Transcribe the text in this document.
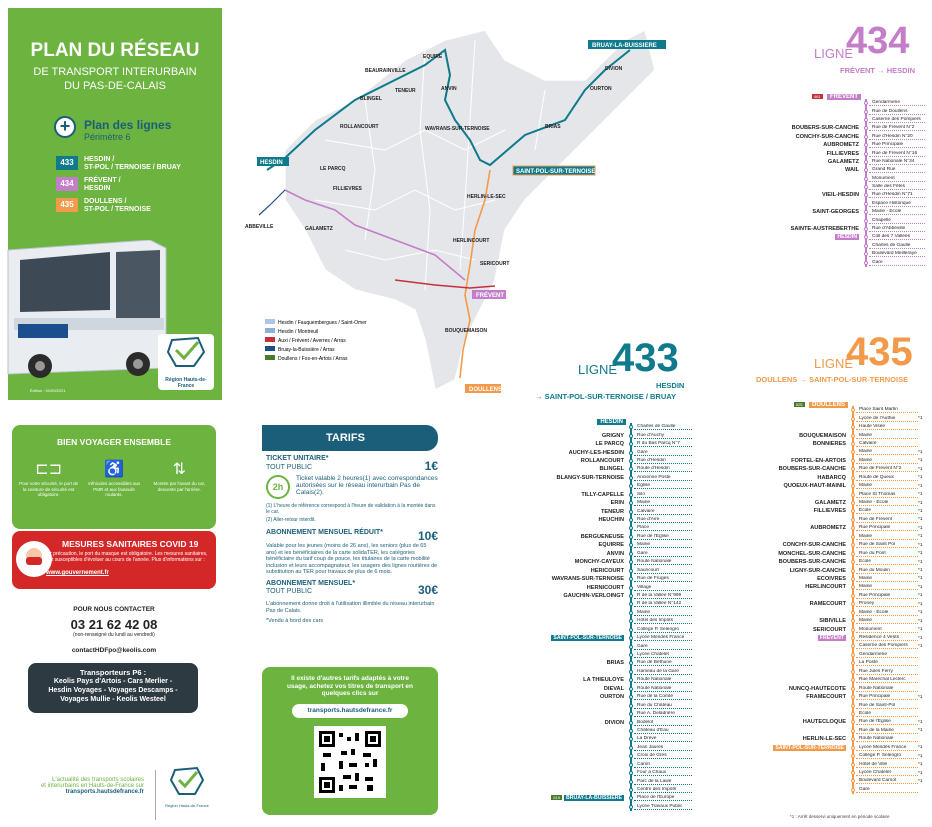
PLAN DU RÉSEAU
DE TRANSPORT INTERURBAIN
DU PAS-DE-CALAIS
+	Plan des lignes
Périmètre 6
433	HESDIN /
ST-POL / TERNOISE / BRUAY
434	FRÉVENT /
HESDIN
435	DOULLENS /
ST-POL / TERNOISE
Région Hauts-de-France
Édition : 01/09/2021
EQUIRE
BEAURAINVILLE
TENEUR
BLINGEL
ROLLANCOURT
LE PARCQ
ANVIN
BRIAS
DIVION
OURTON
HERLINCOURT
WAVRANS-SUR-TERNOISE
SERICOURT
HERLIN-LE-SEC
FILLIEVRES
GALAMETZ
BOUQUEMAISON
ABBEVILLE
BRUAY-LA-BUISSIERE
HESDIN
SAINT-POL-SUR-TERNOISE
FRÉVENT
DOULLENS
Hesdin / Fauquembergues / Saint-Omer
Hesdin / Montreuil
Auxi / Frévent / Averres / Arras
Bruay-la-Buissière / Arras
Doullens / Fos-en-Artois / Arras
LIGNE
434
FRÉVENT → HESDIN
461 FRÉVENT
Gendarmerie
Rue de Doullens
Caserne des Pompiers
BOUBERS-SUR-CANCHE	Rue de Frévent N°2
CONCHY-SUR-CANCHE	Rue d'Hesdin N°20
AUBROMETZ	Rue Principale
FILLIEVRES	Rue de Frévent N°16
GALAMETZ	Rue Nationale N°34
WAIL	Grand Rue
Monument
Salle des Fêtes
VIEIL-HESDIN	Rue d'Hesdin N°71
Espace Historique
SAINT-GEORGES	Mairie - Ecole
Chapelle
SAINTE-AUSTREBERTHE	Rue d'Abbeville
HESDIN	Coll des 7 Vallées
Charles de Gaulle
Boulevard Meilleraye
Gare
LIGNE
433
HESDIN
→ SAINT-POL-SUR-TERNOISE / BRUAY
HESDIN
Charles de Gaulle
GRIGNY	Rue d'Auchy
LE PARCQ	R du Bas Parcq N°7
AUCHY-LES-HESDIN	Gare
ROLLANCOURT	Rue d'Hesdin
BLINGEL	Route d'Hesdin
BLANGY-SUR-TERNOISE	Ancienne Poste
Eglise
TILLY-CAPELLE	Silo
ERIN	Mairie
TENEUR	Calvaire
HEUCHIN	Rue d'Aire
Place
BERGUENEUSE	Rue de l'Eglise
EQUIRRE	Mairie
ANVIN	Gare
MONCHY-CAYEUX	Route Nationale
HERICOURT	Sauricourt
WAVRANS-SUR-TERNOISE	Rue de Fruges
HERNICOURT	Village
GAUCHIN-VERLOINGT	R de la Vallée N°999
R de la Vallée N°142
Mairie
Hôtel des Impôts
Collège P. Selengro
SAINT-POL-SUR-TERNOISE	Lycée Mendès France
Gare
Lycée Chatelet
BRIAS	Rue de Béthune
Hameau de la Gare
LA THIEULOYE	Route Nationale
DIEVAL	Route Nationale
OURTON	Rue de la Comté
Rue du Château
Rue A. Deladrière
DIVION	Bodelot
Château d'Eau
La Drève
Jean Jaurès
Croix de Grès
Caron
Four à Chaux
Parc de la Lawe
Centre des Impôts
519 BRUAY-LA-BUISSIERE	Place de l'Europe
Lycée Travaux Public
LIGNE
435
DOULLENS → SAINT-POL-SUR-TERNOISE
525 DOULLENS
Place Saint Martin
Lycée de l'Authie	*1
Haute Visée
BOUQUEMAISON	Mairie
BONNIERES	Calvaire
Mairie	*1
FORTEL-EN-ARTOIS	Mairie	*1
BOUBERS-SUR-CANCHE	Rue de Frévent N°2	*1
HABARCQ	Route de Queux	*1
QUOEUX-HAUT-MAINIL	Mairie	*1
Place St Thomas	*1
GALAMETZ	Mairie - Ecole	*1
FILLIEVRES	Ecole	*1
Rue de Frévent	*1
AUBROMETZ	Rue Principale	*1
Mairie	*1
CONCHY-SUR-CANCHE	Rue de Saint Pol	*1
MONCHEL-SUR-CANCHE	Rue du Pont	*1
BOUBERS-SUR-CANCHE	Ecole	*1
LIGNY-SUR-CANCHE	Rue du Moulin	*1
ECOIVRES	Mairie	*1
HERLINCOURT	Mairie	*1
Rue Principale	*1
RAMECOURT	Proney	*1
Mairie - Ecole	*1
SIBIVILLE	Mairie	*1
SERICOURT	Monument	*1
FRÉVENT	Résidence 4 Vents	*1
Caserne des Pompiers	*1
Gendarmerie
La Poste
Rue Jules Ferry
Rue Maréchal Leclerc
NUNCQ-HAUTECOTE	Route Nationale
FRAMECOURT	Rue Principale	*1
Rue de Saint-Pol
Ecole
HAUTECLOQUE	Rue de l'Eglise	*1
Rue de la Mairie	*1
HERLIN-LE-SEC	Route Nationale
SAINT-POL-SUR-TERNOISE	Lycée Mendès France	*1
Collège P. Selengro	*1
Hôtel de Ville	*1
Lycée Chatelet	*1
Boulevard Carnot	*1
Gare
*1 : Arrêt desservi uniquement en période scolaire
BIEN VOYAGER ENSEMBLE
⊏⊐
Pour votre sécurité, le port de la ceinture de sécurité est obligatoire.
♿
Véhicules accessibles aux PMR et aux fauteuils roulants.
⇅
Montée par l'avant du car, descente par l'arrière.
MESURES SANITAIRES COVID 19
Par précaution, le port du masque est obligatoire. Les mesures sanitaires, sont susceptibles d'évoluer au cours de l'année. Plus d'informations sur :
www.gouvernement.fr
POUR NOUS CONTACTER
03 21 62 42 08
(non-renseigné du lundi au vendredi)
contactHDFpo@keolis.com
Transporteurs P6 :
Keolis Pays d'Artois - Cars Merlier -
Hesdin Voyages - Voyages Descamps -
Voyages Mullie - Keolis Westeel
L'actualité des transports scolaires
et interurbains en Hauts-de-France sur
transports.hautsdefrance.fr
Région Hauts-de-France
TARIFS
TICKET UNITAIRE*
TOUT PUBLIC	1€
2h
Ticket valable 2 heures(1) avec correspondances autorisées sur le réseau interurbain Pas de Calais(2).
(1) L'heure de référence correspond à l'heure de validation à la montée dans le car.
(2) Aller-retour interdit.
ABONNEMENT MENSUEL RÉDUIT*	10€
Valable pour les jeunes (moins de 26 ans), les seniors (plus de 65 ans) et les bénéficiaires de la carte solidaTER, les catégories bénéficiaire du tarif coup de pouce, les titulaires de la carte mobilité inclusion et leurs accompagnateur, les usagers des lignes routières de substitution au TER pour travaux de plus de 6 mois.
ABONNEMENT MENSUEL*
TOUT PUBLIC	30€
L'abonnement donne droit à l'utilisation illimitée du réseau interurbain Pas de Calais.
*Vendu à bord des cars
Il existe d'autres tarifs adaptés à votre usage, achetez vos titres de transport en quelques clics sur
transports.hautsdefrance.fr
